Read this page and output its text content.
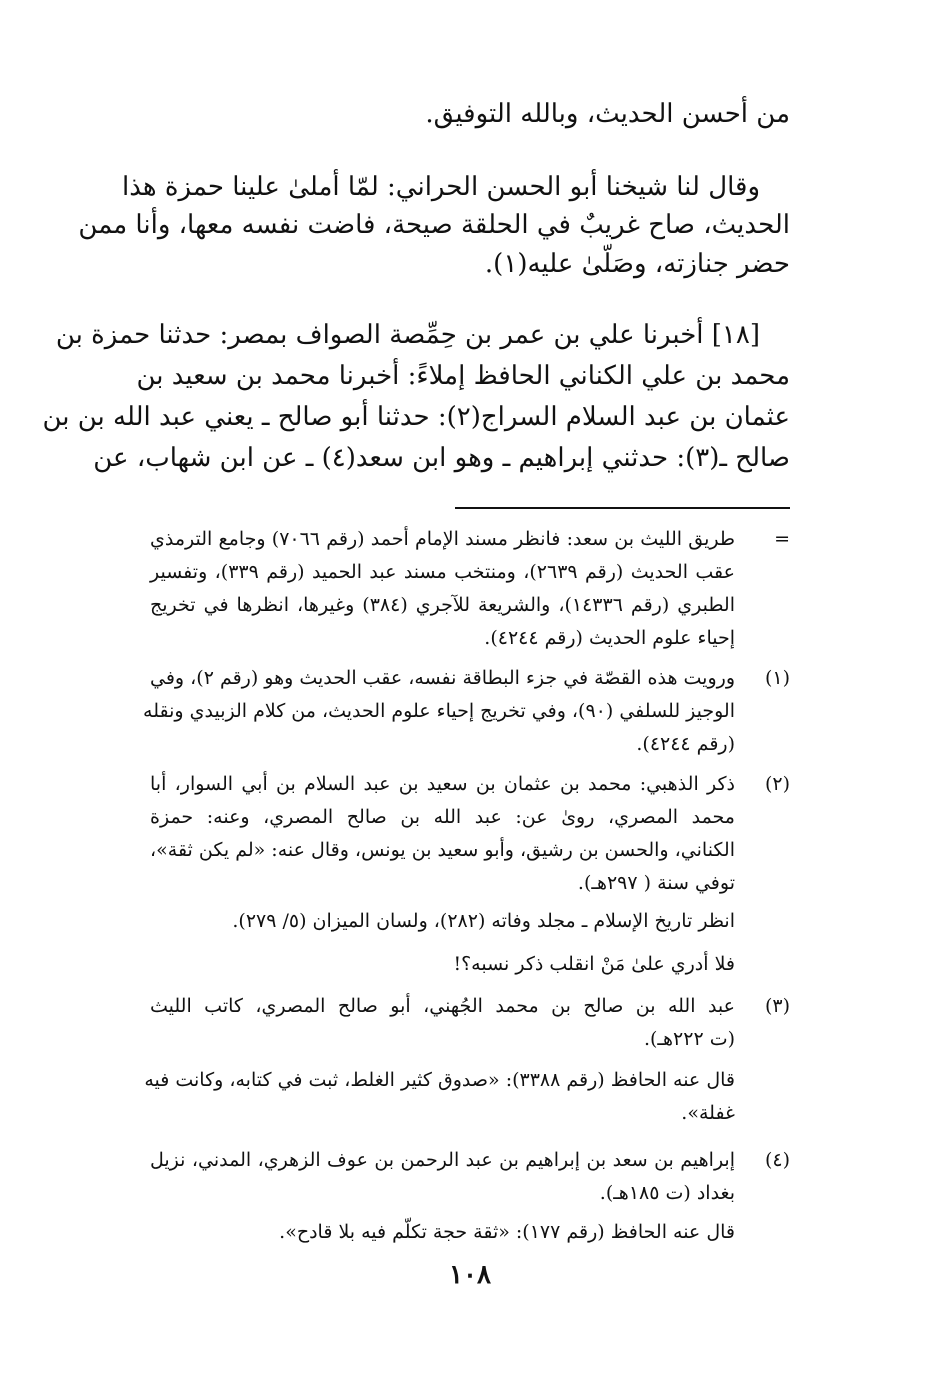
من أحسن الحديث، وبالله التوفيق.
وقال لنا شيخنا أبو الحسن الحراني: لمّا أملىٰ علينا حمزة هذا
الحديث، صاح غريبٌ في الحلقة صيحة، فاضت نفسه معها، وأنا ممن
حضر جنازته، وصَلّىٰ عليه(١).
[١٨] أخبرنا علي بن عمر بن حِمِّصة الصواف بمصر: حدثنا حمزة بن
محمد بن علي الكناني الحافظ إملاءً: أخبرنا محمد بن سعيد بن
عثمان بن عبد السلام السراج(٢): حدثنا أبو صالح ـ يعني عبد الله بن بن
صالح ـ(٣): حدثني إبراهيم ـ وهو ابن سعد(٤) ـ عن ابن شهاب، عن
=
طريق الليث بن سعد: فانظر مسند الإمام أحمد (رقم ٧٠٦٦) وجامع الترمذي
عقب الحديث (رقم ٢٦٣٩)، ومنتخب مسند عبد الحميد (رقم ٣٣٩)، وتفسير
الطبري (رقم ١٤٣٣٦)، والشريعة للآجري (٣٨٤) وغيرها، انظرها في تخريج
إحياء علوم الحديث (رقم ٤٢٤٤).
(١)
ورويت هذه القصّة في جزء البطاقة نفسه، عقب الحديث وهو (رقم ٢)، وفي
الوجيز للسلفي (٩٠)، وفي تخريج إحياء علوم الحديث، من كلام الزبيدي ونقله
(رقم ٤٢٤٤).
(٢)
ذكر الذهبي: محمد بن عثمان بن سعيد بن عبد السلام بن أبي السوار، أبا
محمد المصري، روىٰ عن: عبد الله بن صالح المصري، وعنه: حمزة
الكناني، والحسن بن رشيق، وأبو سعيد بن يونس، وقال عنه: «لم يكن ثقة»،
توفي سنة ( ٢٩٧هـ).
انظر تاريخ الإسلام ـ مجلد وفاته (٢٨٢)، ولسان الميزان (٥/ ٢٧٩).
فلا أدري علىٰ مَنْ انقلب ذكر نسبه؟!
(٣)
عبد الله بن صالح بن محمد الجُهني، أبو صالح المصري، كاتب الليث
(ت ٢٢٢هـ).
قال عنه الحافظ (رقم ٣٣٨٨): «صدوق كثير الغلط، ثبت في كتابه، وكانت فيه
غفلة».
(٤)
إبراهيم بن سعد بن إبراهيم بن عبد الرحمن بن عوف الزهري، المدني، نزيل
بغداد (ت ١٨٥هـ).
قال عنه الحافظ (رقم ١٧٧): «ثقة حجة تكلّم فيه بلا قادح».
١٠٨
